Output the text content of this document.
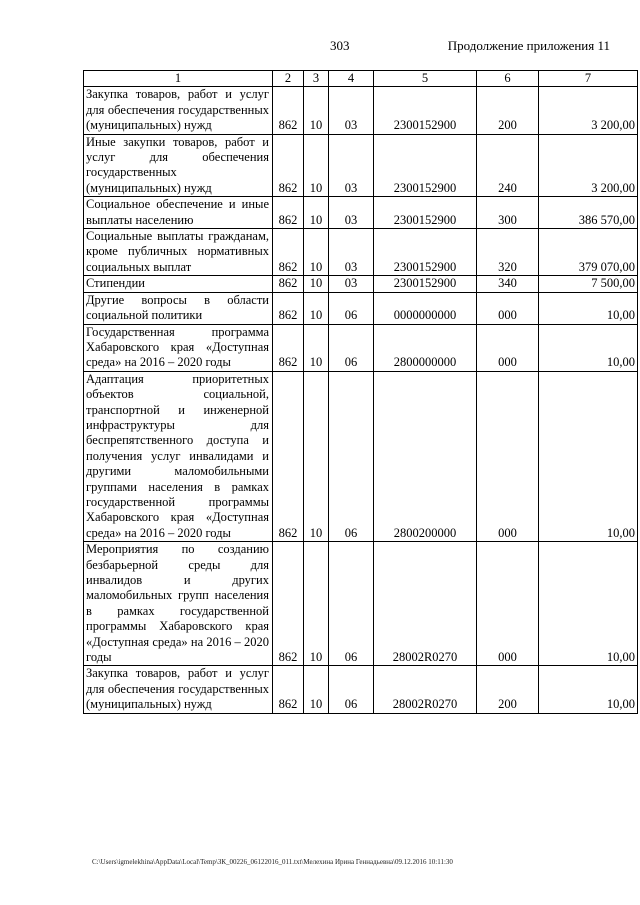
303	Продолжение приложения 11
1	2	3	4	5	6	7
Закупка товаров, работ и услуг для обеспечения государственных (муниципальных) нужд	862	10	03	2300152900	200	3 200,00
Иные закупки товаров, работ и услуг для обеспечения государственных (муниципальных) нужд	862	10	03	2300152900	240	3 200,00
Социальное обеспечение и иные выплаты населению	862	10	03	2300152900	300	386 570,00
Социальные выплаты гражданам, кроме публичных нормативных социальных выплат	862	10	03	2300152900	320	379 070,00
Стипендии	862	10	03	2300152900	340	7 500,00
Другие вопросы в области социальной политики	862	10	06	0000000000	000	10,00
Государственная программа Хабаровского края «Доступная среда» на 2016 – 2020 годы	862	10	06	2800000000	000	10,00
Адаптация приоритетных объектов социальной, транспортной и инженерной инфраструктуры для беспрепятственного доступа и получения услуг инвалидами и другими маломобильными группами населения в рамках государственной программы Хабаровского края «Доступная среда» на 2016 – 2020 годы	862	10	06	2800200000	000	10,00
Мероприятия по созданию безбарьерной среды для инвалидов и других маломобильных групп населения в рамках государственной программы Хабаровского края «Доступная среда» на 2016 – 2020 годы	862	10	06	28002R0270	000	10,00
Закупка товаров, работ и услуг для обеспечения государственных (муниципальных) нужд	862	10	06	28002R0270	200	10,00
C:\Users\igmelekhina\AppData\Local\Temp\ЗК_00226_06122016_011.txt\Мелехина Ирина Геннадьевна\09.12.2016 10:11:30
